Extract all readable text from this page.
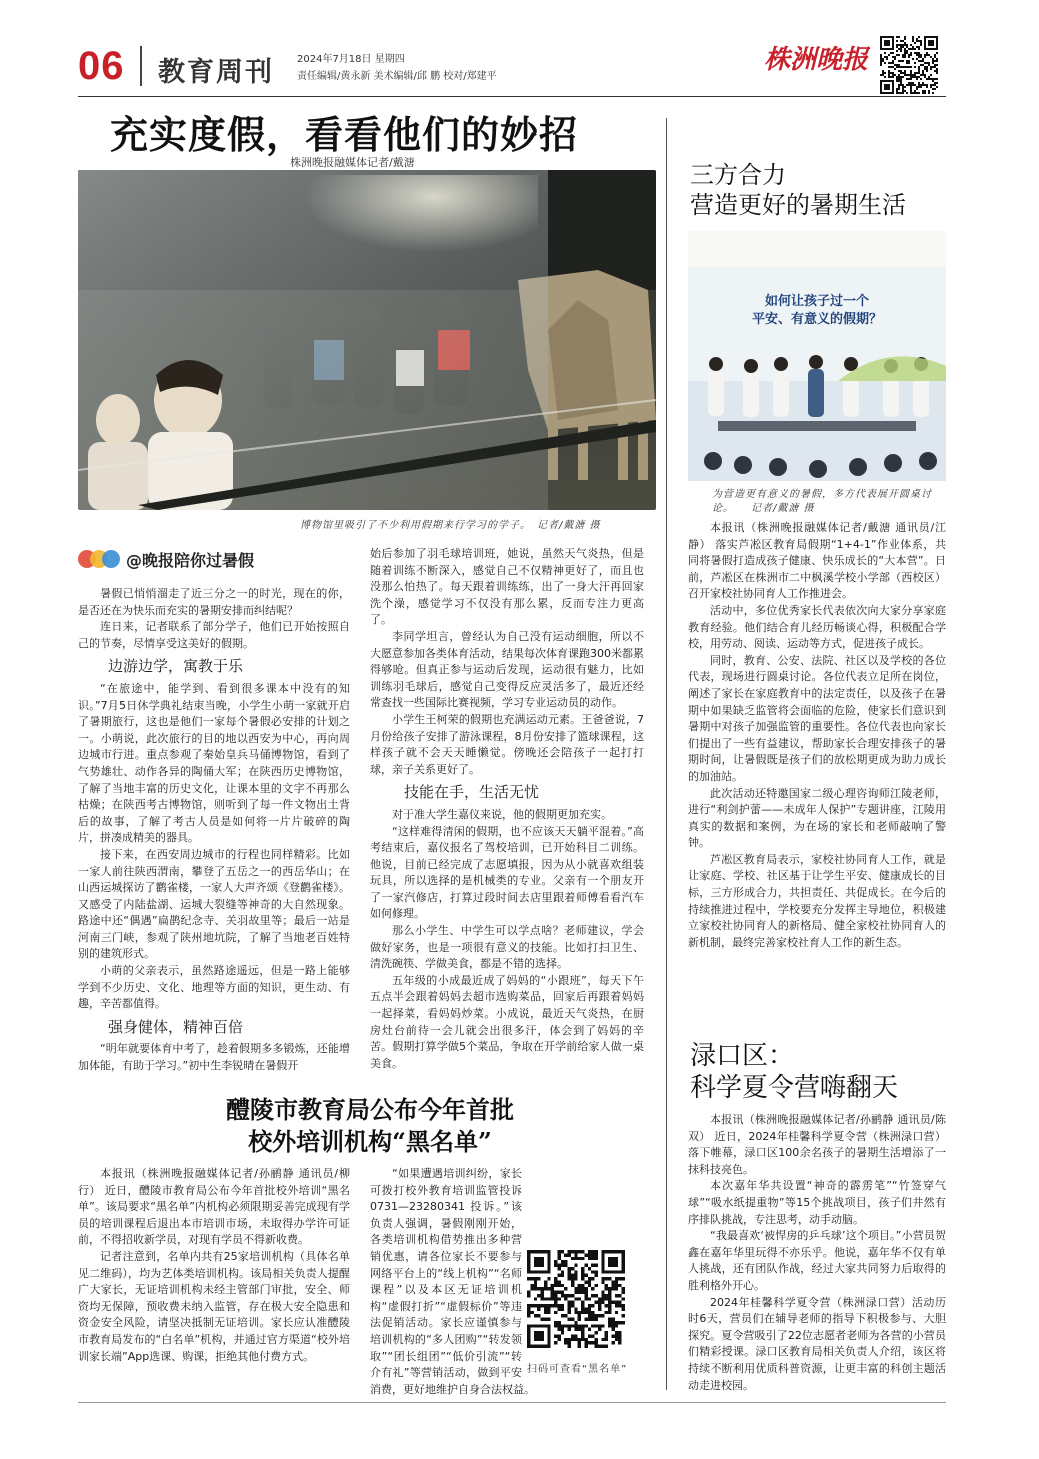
06 教育周刊 2024年7月18日 星期四
责任编辑/黄永新 美术编辑/邱 鹏 校对/郑建平
株洲晚报
充实度假，看看他们的妙招
株洲晚报融媒体记者/戴溏
博物馆里吸引了不少利用假期来行学习的学子。　记者/戴溏 摄
@晚报陪你过暑假

暑假已悄悄溜走了近三分之一的时光，现在的你，是否还在为快乐而充实的暑期安排而纠结呢？

连日来，记者联系了部分学子，他们已开始按照自己的节奏，尽情享受这美好的假期。

边游边学，寓教于乐

“在旅途中，能学到、看到很多课本中没有的知识。”7月5日休学典礼结束当晚，小学生小萌一家就开启了暑期旅行，这也是他们一家每个暑假必安排的计划之一。小萌说，此次旅行的目的地以西安为中心，再向周边城市行进。重点参观了秦始皇兵马俑博物馆，看到了气势雄壮、动作各异的陶俑大军；在陕西历史博物馆，了解了当地丰富的历史文化，让课本里的文字不再那么枯燥；在陕西考古博物馆，则听到了每一件文物出土背后的故事，了解了考古人员是如何将一片片破碎的陶片，拼凑成精美的器具。

接下来，在西安周边城市的行程也同样精彩。比如一家人前往陕西渭南，攀登了五岳之一的西岳华山；在山西运城探访了鹳雀楼，一家人大声齐颂《登鹳雀楼》。又感受了内陆盐湖、运城大裂缝等神奇的大自然现象。路途中还“偶遇”扁鹊纪念寺、关羽故里等；最后一站是河南三门峡，参观了陕州地坑院，了解了当地老百姓特别的建筑形式。

小萌的父亲表示，虽然路途遥远，但是一路上能够学到不少历史、文化、地理等方面的知识，更生动、有趣，辛苦都值得。

强身健体，精神百倍

“明年就要体育中考了，趁着假期多多锻炼，还能增加体能，有助于学习。”初中生李锐晴在暑假开

始后参加了羽毛球培训班，她说，虽然天气炎热，但是随着训练不断深入，感觉自己不仅精神更好了，而且也没那么怕热了。每天跟着训练练，出了一身大汗再回家洗个澡，感觉学习不仅没有那么累，反而专注力更高了。

李同学坦言，曾经认为自己没有运动细胞，所以不大愿意参加各类体育活动，结果每次体育课跑300米都累得够呛。但真正参与运动后发现，运动很有魅力，比如训练羽毛球后，感觉自己变得反应灵活多了，最近还经常查找一些国际比赛视频，学习专业运动员的动作。

小学生王柯荣的假期也充满运动元素。王爸爸说，7月份给孩子安排了游泳课程，8月份安排了篮球课程，这样孩子就不会天天睡懒觉。傍晚还会陪孩子一起打打球，亲子关系更好了。

技能在手，生活无忧

对于准大学生嘉仪来说，他的假期更加充实。

“这样难得清闲的假期，也不应该天天躺平混着。”高考结束后，嘉仪报名了驾校培训，已开始科目二训练。他说，目前已经完成了志愿填报，因为从小就喜欢组装玩具，所以选择的是机械类的专业。父亲有一个朋友开了一家汽修店，打算过段时间去店里跟着师傅看看汽车如何修理。

那么小学生、中学生可以学点啥？老师建议，学会做好家务，也是一项很有意义的技能。比如打扫卫生、清洗碗筷、学做美食，都是不错的选择。

五年级的小成最近成了妈妈的“小跟班”，每天下午五点半会跟着妈妈去超市选购菜品，回家后再跟着妈妈一起择菜，看妈妈炒菜。小成说，最近天气炎热，在厨房灶台前待一会儿就会出很多汗，体会到了妈妈的辛苦。假期打算学做5个菜品，争取在开学前给家人做一桌美食。

三方合力
营造更好的暑期生活
如何让孩子过一个
平安、有意义的假期？
为营造更有意义的暑假，多方代表展开圆桌讨论。　　记者/戴溏 摄

本报讯（株洲晚报融媒体记者/戴溏 通讯员/江静） 落实芦凇区教育局假期“1+4-1”作业体系，共同将暑假打造成孩子健康、快乐成长的“大本营”。日前，芦凇区在株洲市二中枫溪学校小学部（西校区）召开家校社协同育人工作推进会。

活动中，多位优秀家长代表依次向大家分享家庭教育经验。他们结合育儿经历畅谈心得，积极配合学校，用劳动、阅读、运动等方式，促进孩子成长。

同时，教育、公安、法院、社区以及学校的各位代表，现场进行圆桌讨论。各位代表立足所在岗位，阐述了家长在家庭教育中的法定责任，以及孩子在暑期中如果缺乏监管将会面临的危险，使家长们意识到暑期中对孩子加强监管的重要性。各位代表也向家长们提出了一些有益建议，帮助家长合理安排孩子的暑期时间，让暑假既是孩子们的放松期更成为助力成长的加油站。

此次活动还特邀国家二级心理咨询师江陵老师，进行“利剑护蕾——未成年人保护”专题讲座，江陵用真实的数据和案例，为在场的家长和老师敲响了警钟。

芦凇区教育局表示，家校社协同育人工作，就是让家庭、学校、社区基于让学生平安、健康成长的目标，三方形成合力，共担责任、共促成长。在今后的持续推进过程中，学校要充分发挥主导地位，积极建立家校社协同育人的新格局、健全家校社协同育人的新机制，最终完善家校社育人工作的新生态。

渌口区：
科学夏令营嗨翻天

本报讯（株洲晚报融媒体记者/孙鹂静 通讯员/陈双） 近日，2024年桂馨科学夏令营（株洲渌口营）落下帷幕，渌口区100余名孩子的暑期生活增添了一抹科技亮色。

本次嘉年华共设置“神奇的霹雳笔”“竹签穿气球”“吸水纸提重物”等15个挑战项目，孩子们井然有序排队挑战，专注思考，动手动脑。

“我最喜欢‘被悍房的乒乓球’这个项目。”小营员贺鑫在嘉年华里玩得不亦乐乎。他说，嘉年华不仅有单人挑战，还有团队作战，经过大家共同努力后取得的胜利格外开心。

2024年桂馨科学夏令营（株洲渌口营）活动历时6天，营员们在辅导老师的指导下积极参与、大胆探究。夏令营吸引了22位志愿者老师为各营的小营员们精彩授课。渌口区教育局相关负责人介绍，该区将持续不断利用优质科普资源，让更丰富的科创主题活动走进校园。

醴陵市教育局公布今年首批
校外培训机构“黑名单”

本报讯（株洲晚报融媒体记者/孙鹂静 通讯员/柳行） 近日，醴陵市教育局公布今年首批校外培训“黑名单”。该局要求“黑名单”内机构必须限期妥善完成现有学员的培训课程后退出本市培训市场，未取得办学许可证前，不得招收新学员，对现有学员不得新收费。

记者注意到，名单内共有25家培训机构（具体名单见二维码），均为艺体类培训机构。该局相关负责人提醒广大家长，无证培训机构未经主管部门审批，安全、师资均无保障，预收费未纳入监管，存在极大安全隐患和资金安全风险，请坚决抵制无证培训。家长应认准醴陵市教育局发布的“白名单”机构，并通过官方渠道“校外培训家长端”App选课、购课，拒绝其他付费方式。

“如果遭遇培训纠纷，家长可拨打校外教育培训监管投诉 0731—23280341 投诉。”该负责人强调，暑假刚刚开始，各类培训机构借势推出多种营销优惠，请各位家长不要参与网络平台上的“线上机构”“名师课程”以及本区无证培训机构“虚假打折”“虚假标价”等违法促销活动。家长应谨慎参与培训机构的“多人团购”“转发领取”“团长组团”“低价引流”“转介有礼”等营销活动，做到平安消费，更好地维护自身合法权益。

扫码可查看“黑名单”
